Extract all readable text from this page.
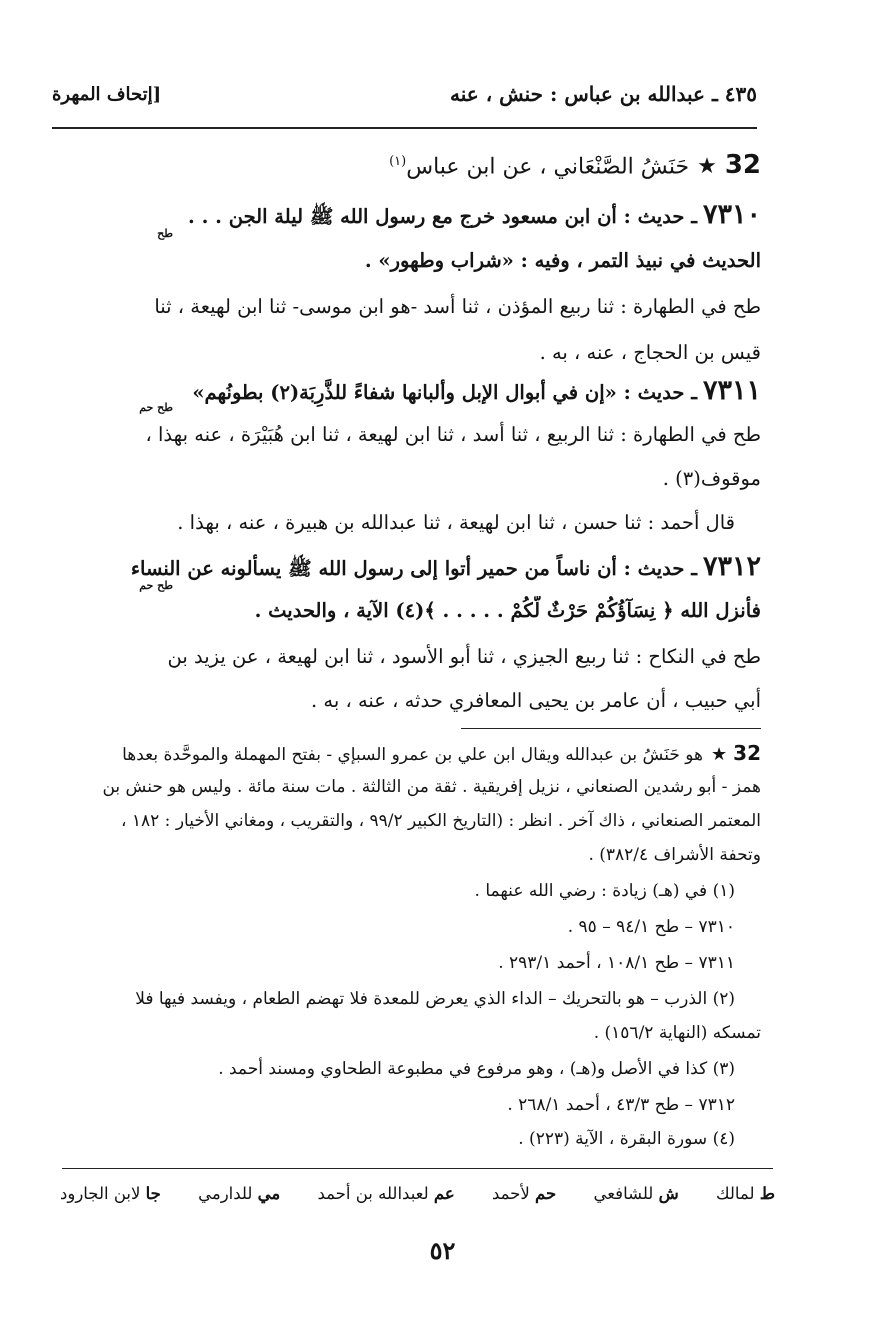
٤٣٥ ـ عبدالله بن عباس : حنش ، عنه
[إتحاف المهرة
32★حَنَشُ الصَّنْعَاني ، عن ابن عباس$^{(١)}$
٧٣١٠ـ حديث : أن ابن مسعود خرج مع رسول الله ﷺ ليلة الجن . . .
طح
الحديث في نبيذ التمر ، وفيه : «شراب وطهور» .
طح في الطهارة : ثنا ربيع المؤذن ، ثنا أسد -هو ابن موسى- ثنا ابن لهيعة ، ثنا
قيس بن الحجاج ، عنه ، به .
٧٣١١ـ حديث : «إن في أبوال الإبل وألبانها شفاءً للذَّرِبَة(٢) بطونُهم»
طح حم
طح في الطهارة : ثنا الربيع ، ثنا أسد ، ثنا ابن لهيعة ، ثنا ابن هُبَيْرَة ، عنه بهذا ،
موقوف(٣) .
قال أحمد : ثنا حسن ، ثنا ابن لهيعة ، ثنا عبدالله بن هبيرة ، عنه ، بهذا .
٧٣١٢ـ حديث : أن ناساً من حمير أتوا إلى رسول الله ﷺ يسألونه عن النساء
طح حم
فأنزل الله ﴿ نِسَآؤُكُمْ حَرْثٌ لَّكُمْ . . . . . ﴾(٤) الآية ، والحديث .
طح في النكاح : ثنا ربيع الجيزي ، ثنا أبو الأسود ، ثنا ابن لهيعة ، عن يزيد بن
أبي حبيب ، أن عامر بن يحيى المعافري حدثه ، عنه ، به .
32★هو حَنَشُ بن عبدالله ويقال ابن علي بن عمرو السبإي - بفتح المهملة والموحَّدة بعدها
همز - أبو رشدين الصنعاني ، نزيل إفريقية . ثقة من الثالثة . مات سنة مائة . وليس هو حنش بن
المعتمر الصنعاني ، ذاك آخر . انظر : (التاريخ الكبير ٩٩/٢ ، والتقريب ، ومغاني الأخيار : ١٨٢ ،
وتحفة الأشراف ٣٨٢/٤) .
(١) في (هـ) زيادة : رضي الله عنهما .
٧٣١٠ – طح ٩٤/١ – ٩٥ .
٧٣١١ – طح ١٠٨/١ ، أحمد ٢٩٣/١ .
(٢) الذرب – هو بالتحريك – الداء الذي يعرض للمعدة فلا تهضم الطعام ، ويفسد فيها فلا
تمسكه (النهاية ١٥٦/٢) .
(٣) كذا في الأصل و(هـ) ، وهو مرفوع في مطبوعة الطحاوي ومسند أحمد .
٧٣١٢ – طح ٤٣/٣ ، أحمد ٢٦٨/١ .
(٤) سورة البقرة ، الآية (٢٢٣) .
ط لمالك
ش للشافعي
حم لأحمد
عم لعبدالله بن أحمد
مي للدارمي
جا لابن الجارود
٥٢
